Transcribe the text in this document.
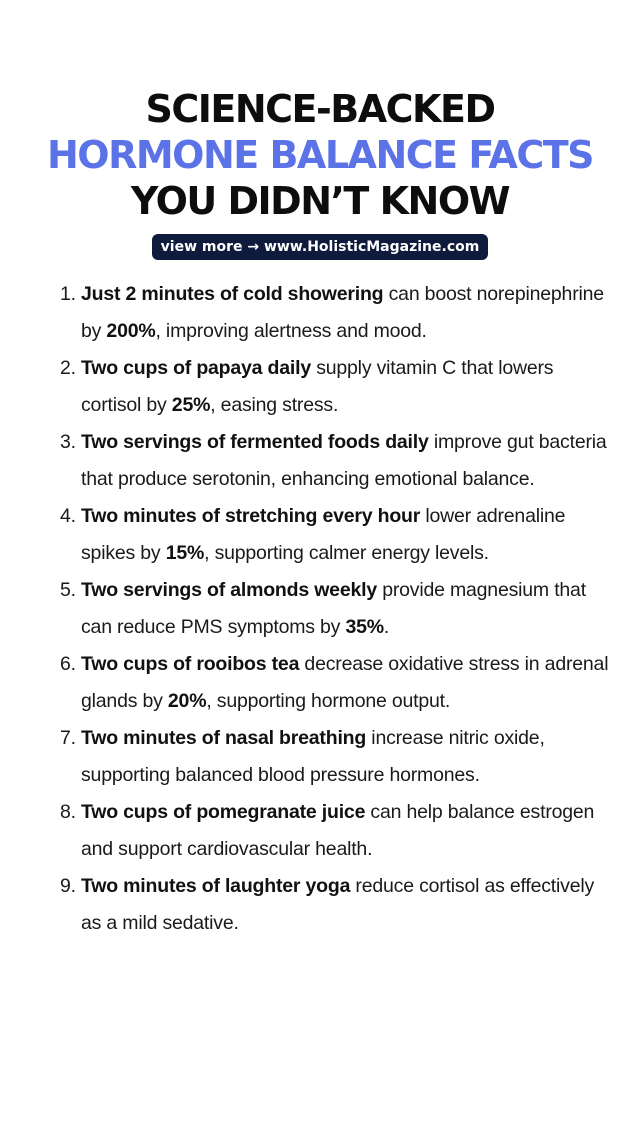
SCIENCE-BACKED
HORMONE BALANCE FACTS
YOU DIDN’T KNOW
view more → www.HolisticMagazine.com
1. Just 2 minutes of cold showering can boost norepinephrine by 200%, improving alertness and mood.
2. Two cups of papaya daily supply vitamin C that lowers cortisol by 25%, easing stress.
3. Two servings of fermented foods daily improve gut bacteria that produce serotonin, enhancing emotional balance.
4. Two minutes of stretching every hour lower adrenaline spikes by 15%, supporting calmer energy levels.
5. Two servings of almonds weekly provide magnesium that can reduce PMS symptoms by 35%.
6. Two cups of rooibos tea decrease oxidative stress in adrenal glands by 20%, supporting hormone output.
7. Two minutes of nasal breathing increase nitric oxide, supporting balanced blood pressure hormones.
8. Two cups of pomegranate juice can help balance estrogen and support cardiovascular health.
9. Two minutes of laughter yoga reduce cortisol as effectively as a mild sedative.
